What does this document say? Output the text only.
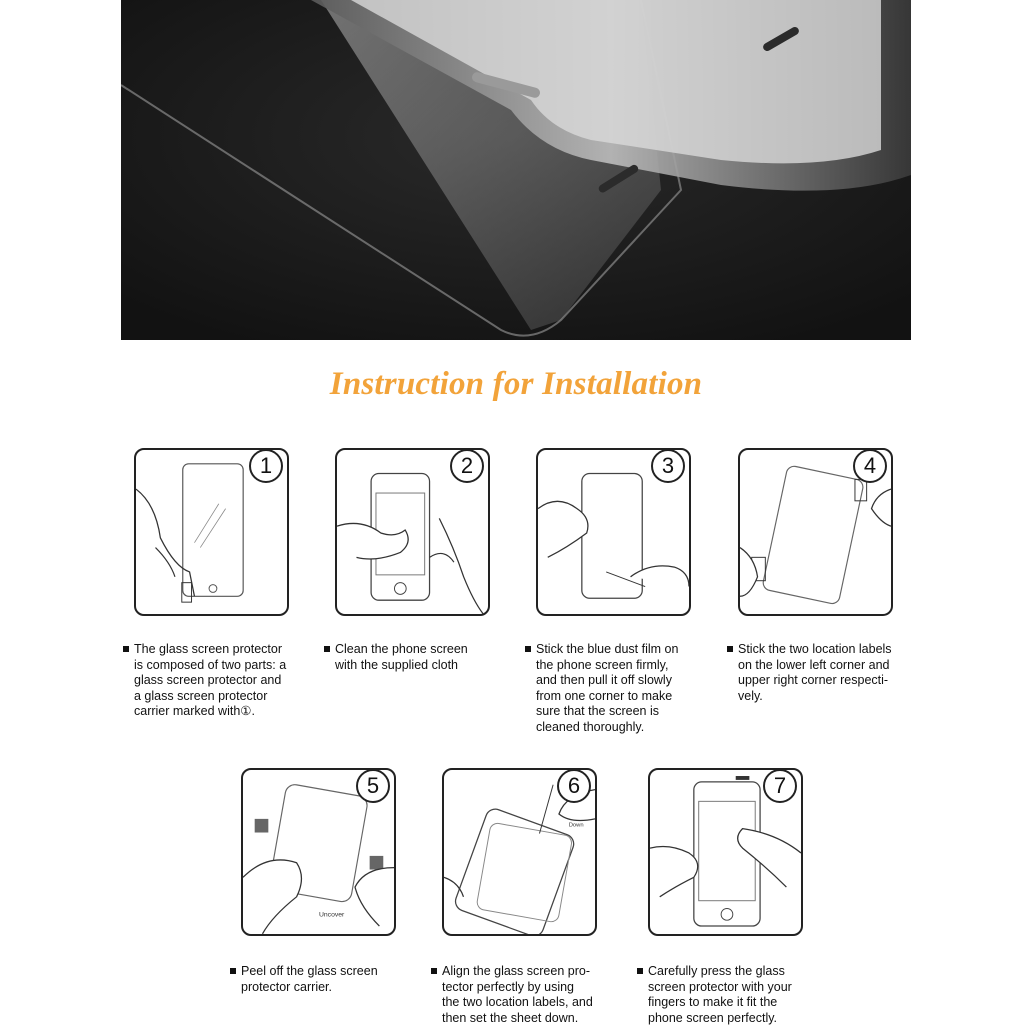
Instruction for Installation
1
The glass screen protector
is composed of two parts: a
glass screen protector and
a glass screen protector
carrier marked with①.
2
Clean the phone screen
with the supplied cloth
3
Stick the blue dust film on
the phone screen firmly,
and then pull it off slowly
from one corner to make
sure that the screen is
cleaned thoroughly.
4
Stick the two location labels
on the lower left corner and
upper right corner respecti-
vely.
Uncover
5
Peel off the glass screen
protector carrier.
Down
6
Align the glass screen pro-
tector perfectly by using
the two location labels, and
then set the sheet down.
7
Carefully press the glass
screen protector with your
fingers to make it fit the
phone screen perfectly.
